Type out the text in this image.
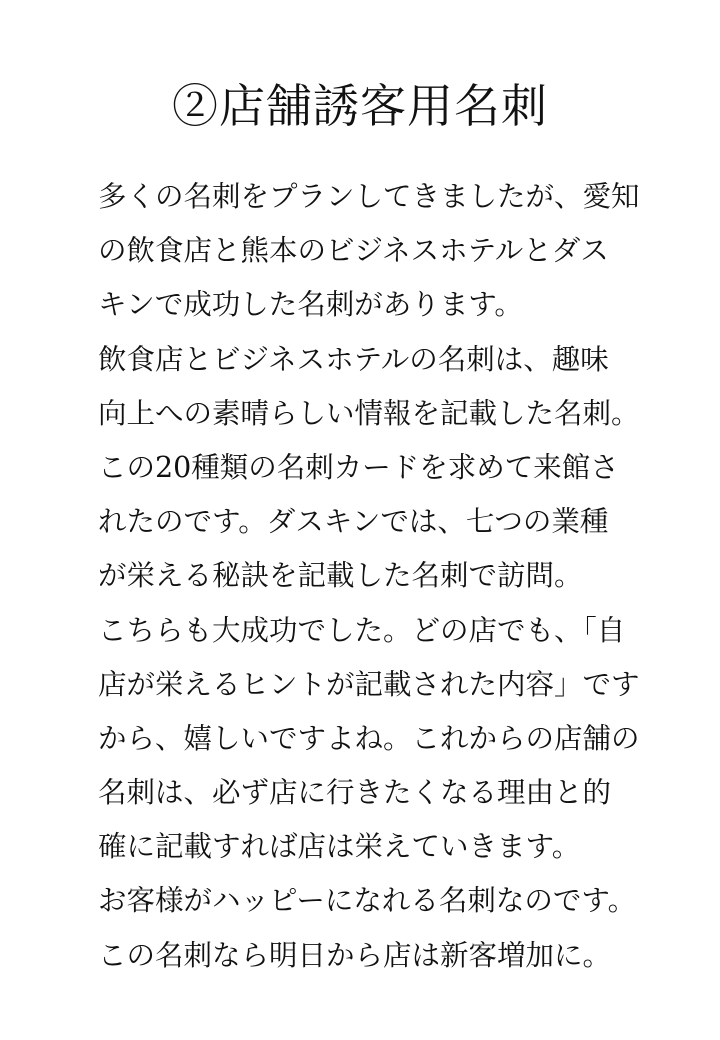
②店舗誘客用名刺
多くの名刺をプランしてきましたが、愛知
の飲食店と熊本のビジネスホテルとダス
キンで成功した名刺があります。
飲食店とビジネスホテルの名刺は、趣味
向上への素晴らしい情報を記載した名刺。
この20種類の名刺カードを求めて来館さ
れたのです。ダスキンでは、七つの業種
が栄える秘訣を記載した名刺で訪問。
こちらも大成功でした。どの店でも、「自
店が栄えるヒントが記載された内容」です
から、嬉しいですよね。これからの店舗の
名刺は、必ず店に行きたくなる理由と的
確に記載すれば店は栄えていきます。
お客様がハッピーになれる名刺なのです。
この名刺なら明日から店は新客増加に。
